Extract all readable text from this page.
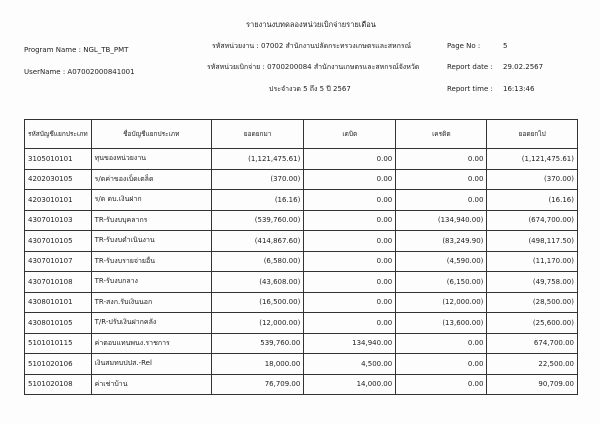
รายงานงบทดลองหน่วยเบิกจ่ายรายเดือน
Program Name : NGL_TB_PMT
UserName : A07002000841001
รหัสหน่วยงาน : 07002 สำนักงานปลัดกระทรวงเกษตรและสหกรณ์
รหัสหน่วยเบิกจ่าย : 0700200084 สำนักงานเกษตรและสหกรณ์จังหวัด
ประจำงวด 5 ถึง 5 ปี 2567
Page No :	5
Report date : 29.02.2567
Report time : 16:13:46
รหัสบัญชีแยกประเภท	ชื่อบัญชีแยกประเภท	ยอดยกมา	เดบิต	เครดิต	ยอดยกไป
3105010101	ทุนของหน่วยงาน	(1,121,475.61)	0.00	0.00	(1,121,475.61)
4202030105	ร/ดค่าของเบ็ดเตล็ด	(370.00)	0.00	0.00	(370.00)
4203010101	ร/ด ดบ.เงินฝาก	(16.16)	0.00	0.00	(16.16)
4307010103	TR-รับงบบุคลากร	(539,760.00)	0.00	(134,940.00)	(674,700.00)
4307010105	TR-รับงบดำเนินงาน	(414,867.60)	0.00	(83,249.90)	(498,117.50)
4307010107	TR-รับงบรายจ่ายอื่น	(6,580.00)	0.00	(4,590.00)	(11,170.00)
4307010108	TR-รับงบกลาง	(43,608.00)	0.00	(6,150.00)	(49,758.00)
4308010101	TR-สงก.รับเงินนอก	(16,500.00)	0.00	(12,000.00)	(28,500.00)
4308010105	T/R-ปรับเงินฝากคลัง	(12,000.00)	0.00	(13,600.00)	(25,600.00)
5101010115	ค่าตอบแทนพนง.ราชการ	539,760.00	134,940.00	0.00	674,700.00
5101020106	เงินสมทบปปส.-Rel	18,000.00	4,500.00	0.00	22,500.00
5101020108	ค่าเช่าบ้าน	76,709.00	14,000.00	0.00	90,709.00
